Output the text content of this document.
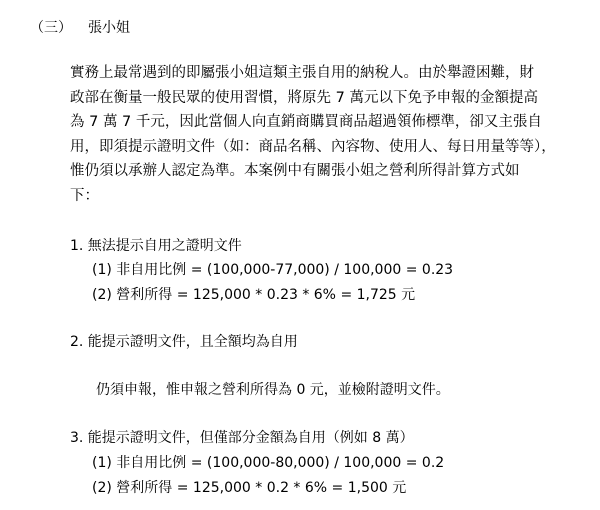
（三） 張小姐
實務上最常遇到的即屬張小姐這類主張自用的納稅人。由於舉證困難，財
政部在衡量一般民眾的使用習慣，將原先 7 萬元以下免予申報的金額提高
為 7 萬 7 千元，因此當個人向直銷商購買商品超過領佈標準，卻又主張自
用，即須提示證明文件（如：商品名稱、內容物、使用人、每日用量等等），
惟仍須以承辦人認定為準。本案例中有關張小姐之營利所得計算方式如
下：
1. 無法提示自用之證明文件
(1) 非自用比例 = (100,000-77,000) / 100,000 = 0.23
(2) 營利所得 = 125,000 * 0.23 * 6% = 1,725 元
2. 能提示證明文件，且全額均為自用
仍須申報，惟申報之營利所得為 0 元，並檢附證明文件。
3. 能提示證明文件，但僅部分金額為自用（例如 8 萬）
(1) 非自用比例 = (100,000-80,000) / 100,000 = 0.2
(2) 營利所得 = 125,000 * 0.2 * 6% = 1,500 元
